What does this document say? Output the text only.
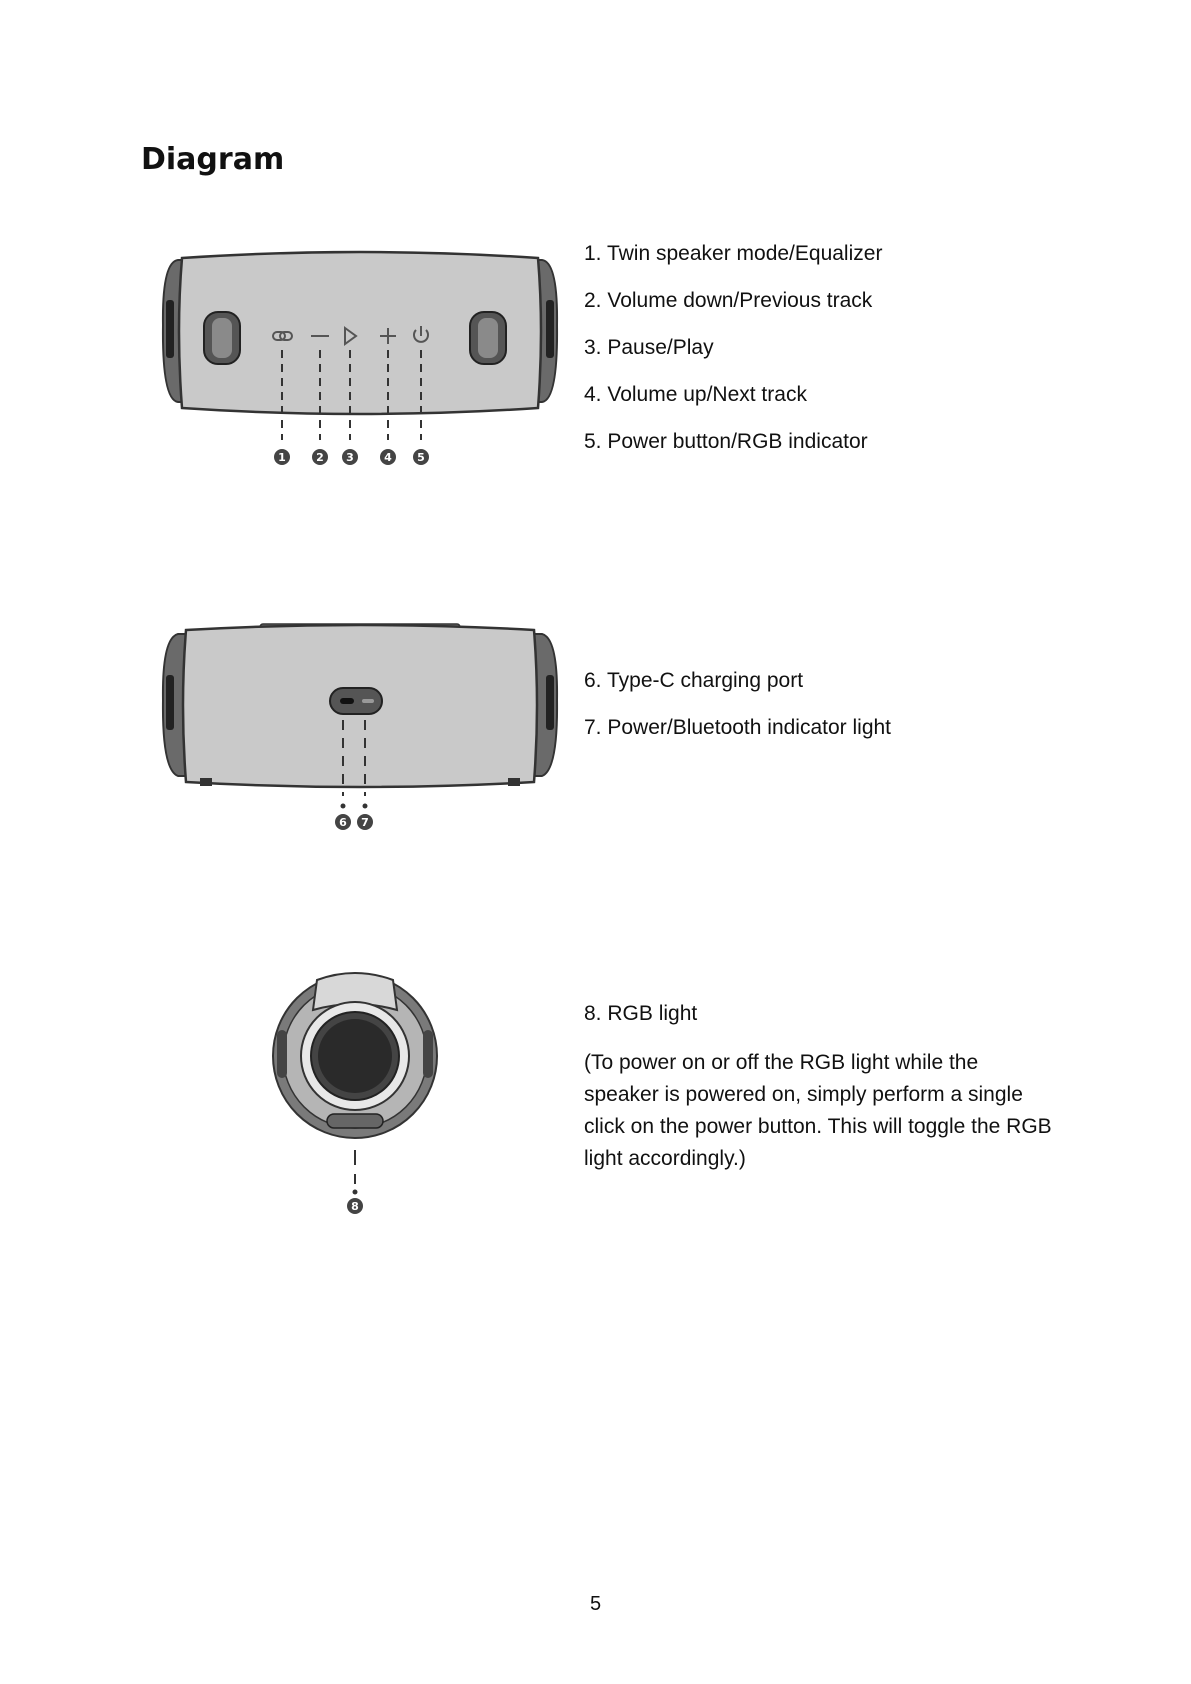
Diagram
1	2 3	4 5
1. Twin speaker mode/Equalizer
2. Volume down/Previous track
3. Pause/Play
4. Volume up/Next track
5. Power button/RGB indicator
6 7
6. Type-C charging port
7. Power/Bluetooth indicator light
8
8. RGB light

(To power on or off the RGB light while the speaker is powered on, simply perform a single click on the power button. This will toggle the RGB light accordingly.)

5
